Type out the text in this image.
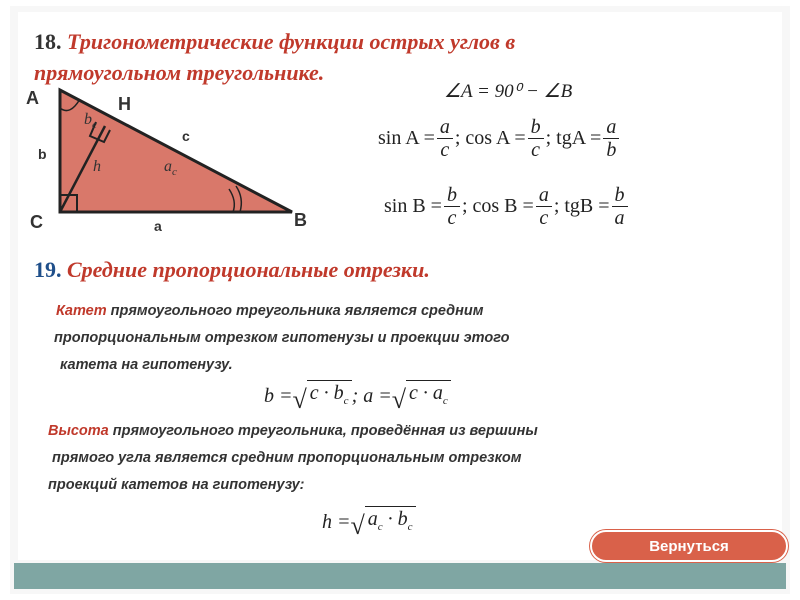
18. Тригонометрические функции острых углов в прямоугольном треугольнике.
A	H
C	B
b
c
a
h
$b_c$
$a_c$
∠A = 90⁰ − ∠B
$\sin A = \frac{a}{c}$ ; $\cos A = \frac{b}{c}$ ; tgA = $\frac{a}{b}$
$\sin B = \frac{b}{c}$ ; $\cos B = \frac{a}{c}$ ; tgB = $\frac{b}{a}$
19. Средние пропорциональные отрезки.

Катет прямоугольного треугольника является средним

пропорциональным отрезком гипотенузы и проекции этого

катета на гипотенузу.

b = √ $c \cdot b_c$ ; a = √ $c \cdot a_c$

Высота прямоугольного треугольника, проведённая из вершины

прямого угла является средним пропорциональным отрезком

проекций катетов на гипотенузу:

h = √ $a_c \cdot b_c$
Вернуться
